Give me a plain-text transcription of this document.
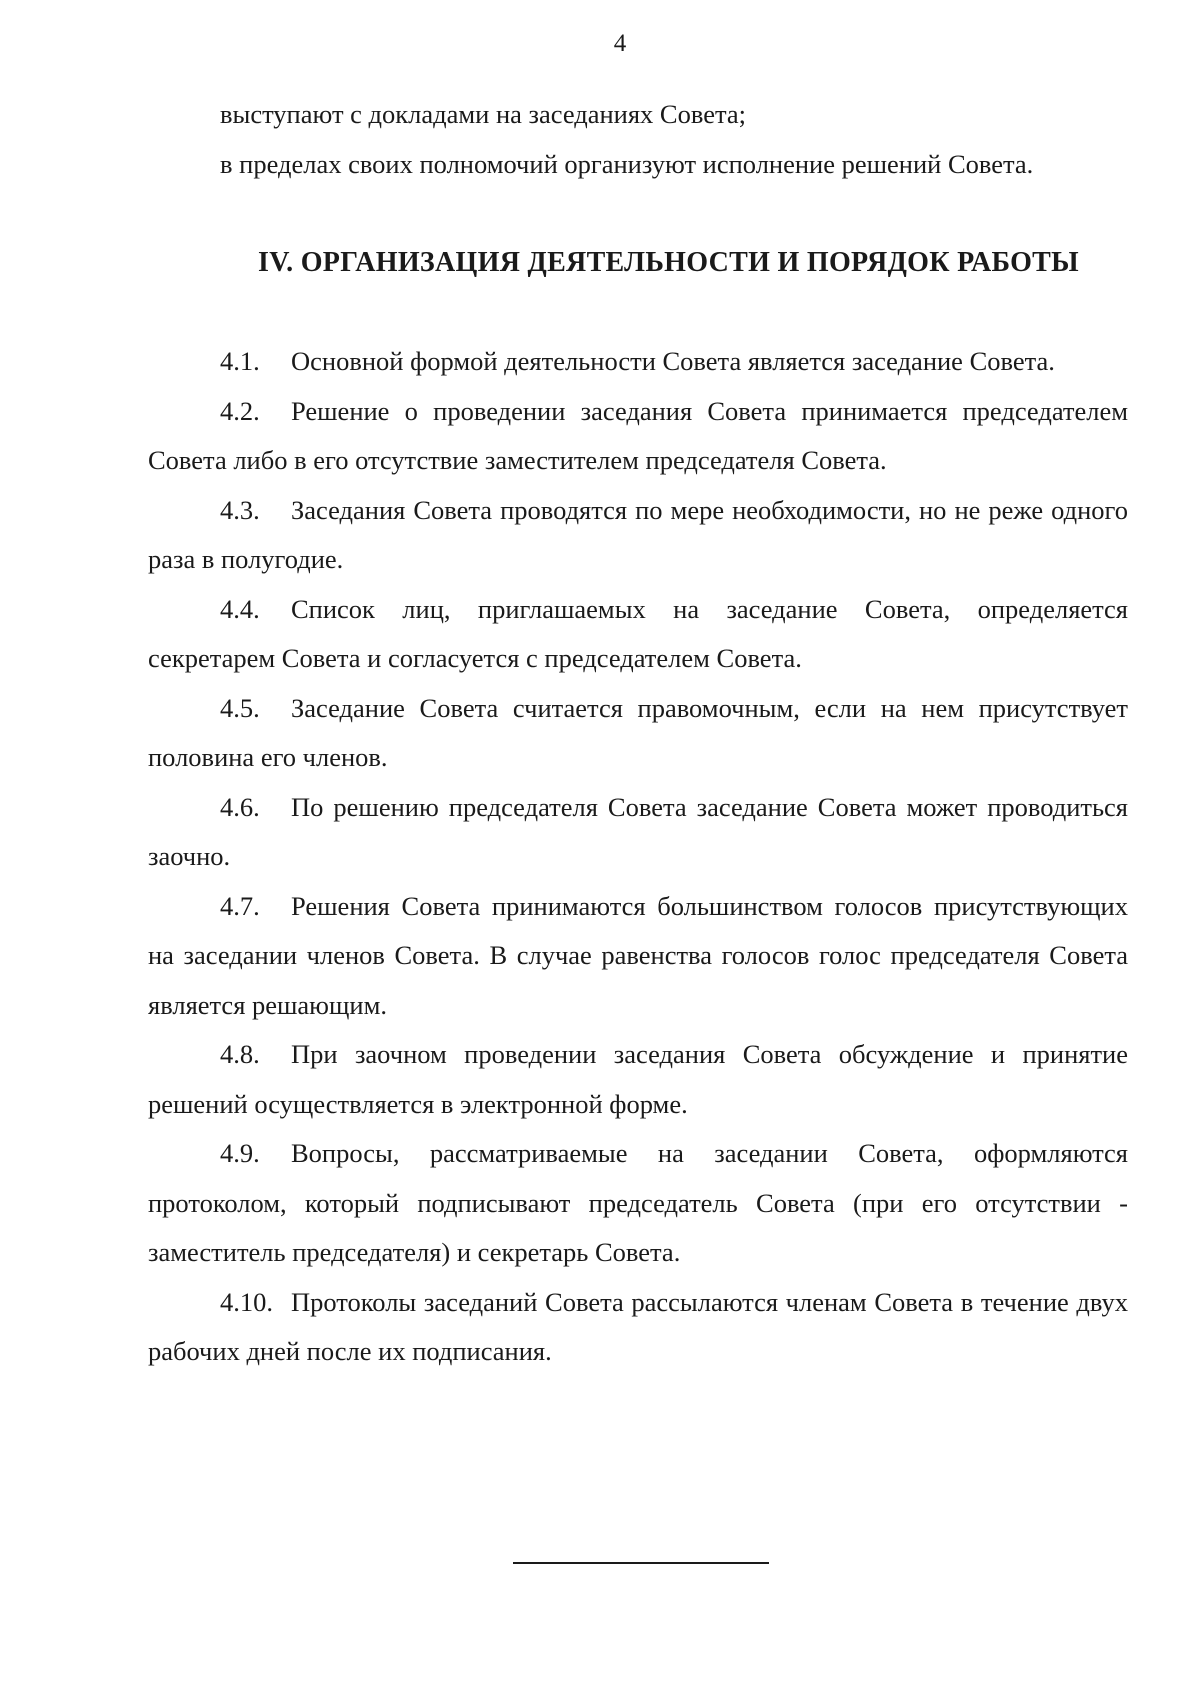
4

выступают с докладами на заседаниях Совета;

в пределах своих полномочий организуют исполнение решений Совета.

IV. ОРГАНИЗАЦИЯ ДЕЯТЕЛЬНОСТИ И ПОРЯДОК РАБОТЫ

4.1. Основной формой деятельности Совета является заседание Совета.

4.2. Решение о проведении заседания Совета принимается председателем Совета либо в его отсутствие заместителем председателя Совета.

4.3. Заседания Совета проводятся по мере необходимости, но не реже одного раза в полугодие.

4.4. Список лиц, приглашаемых на заседание Совета, определяется секретарем Совета и согласуется с председателем Совета.

4.5. Заседание Совета считается правомочным, если на нем присутствует половина его членов.

4.6. По решению председателя Совета заседание Совета может проводиться заочно.

4.7. Решения Совета принимаются большинством голосов присутствующих на заседании членов Совета. В случае равенства голосов голос председателя Совета является решающим.

4.8. При заочном проведении заседания Совета обсуждение и принятие решений осуществляется в электронной форме.

4.9. Вопросы, рассматриваемые на заседании Совета, оформляются протоколом, который подписывают председатель Совета (при его отсутствии - заместитель председателя) и секретарь Совета.

4.10. Протоколы заседаний Совета рассылаются членам Совета в течение двух рабочих дней после их подписания.
